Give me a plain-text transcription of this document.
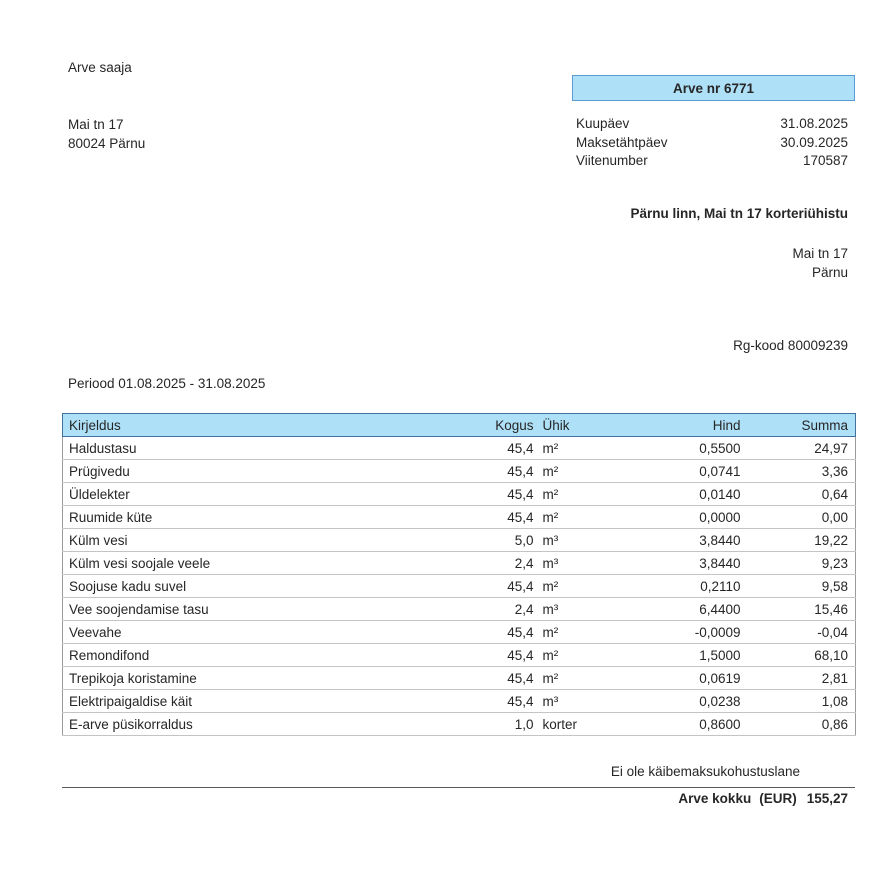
Arve saaja
Mai tn 17
80024 Pärnu
Arve nr 6771
Kuupäev	31.08.2025
Maksetähtpäev	30.09.2025
Viitenumber	170587
Pärnu linn, Mai tn 17 korteriühistu
Mai tn 17
Pärnu
Rg-kood 80009239
Periood 01.08.2025 - 31.08.2025
Kirjeldus	Kogus	Ühik	Hind	Summa
Haldustasu	45,4	m²	0,5500	24,97
Prügivedu	45,4	m²	0,0741	3,36
Üldelekter	45,4	m²	0,0140	0,64
Ruumide küte	45,4	m²	0,0000	0,00
Külm vesi	5,0	m³	3,8440	19,22
Külm vesi soojale veele	2,4	m³	3,8440	9,23
Soojuse kadu suvel	45,4	m²	0,2110	9,58
Vee soojendamise tasu	2,4	m³	6,4400	15,46
Veevahe	45,4	m²	-0,0009	-0,04
Remondifond	45,4	m²	1,5000	68,10
Trepikoja koristamine	45,4	m²	0,0619	2,81
Elektripaigaldise käit	45,4	m³	0,0238	1,08
E-arve püsikorraldus	1,0	korter	0,8600	0,86
Ei ole käibemaksukohustuslane
Arve kokku (EUR) 155,27
